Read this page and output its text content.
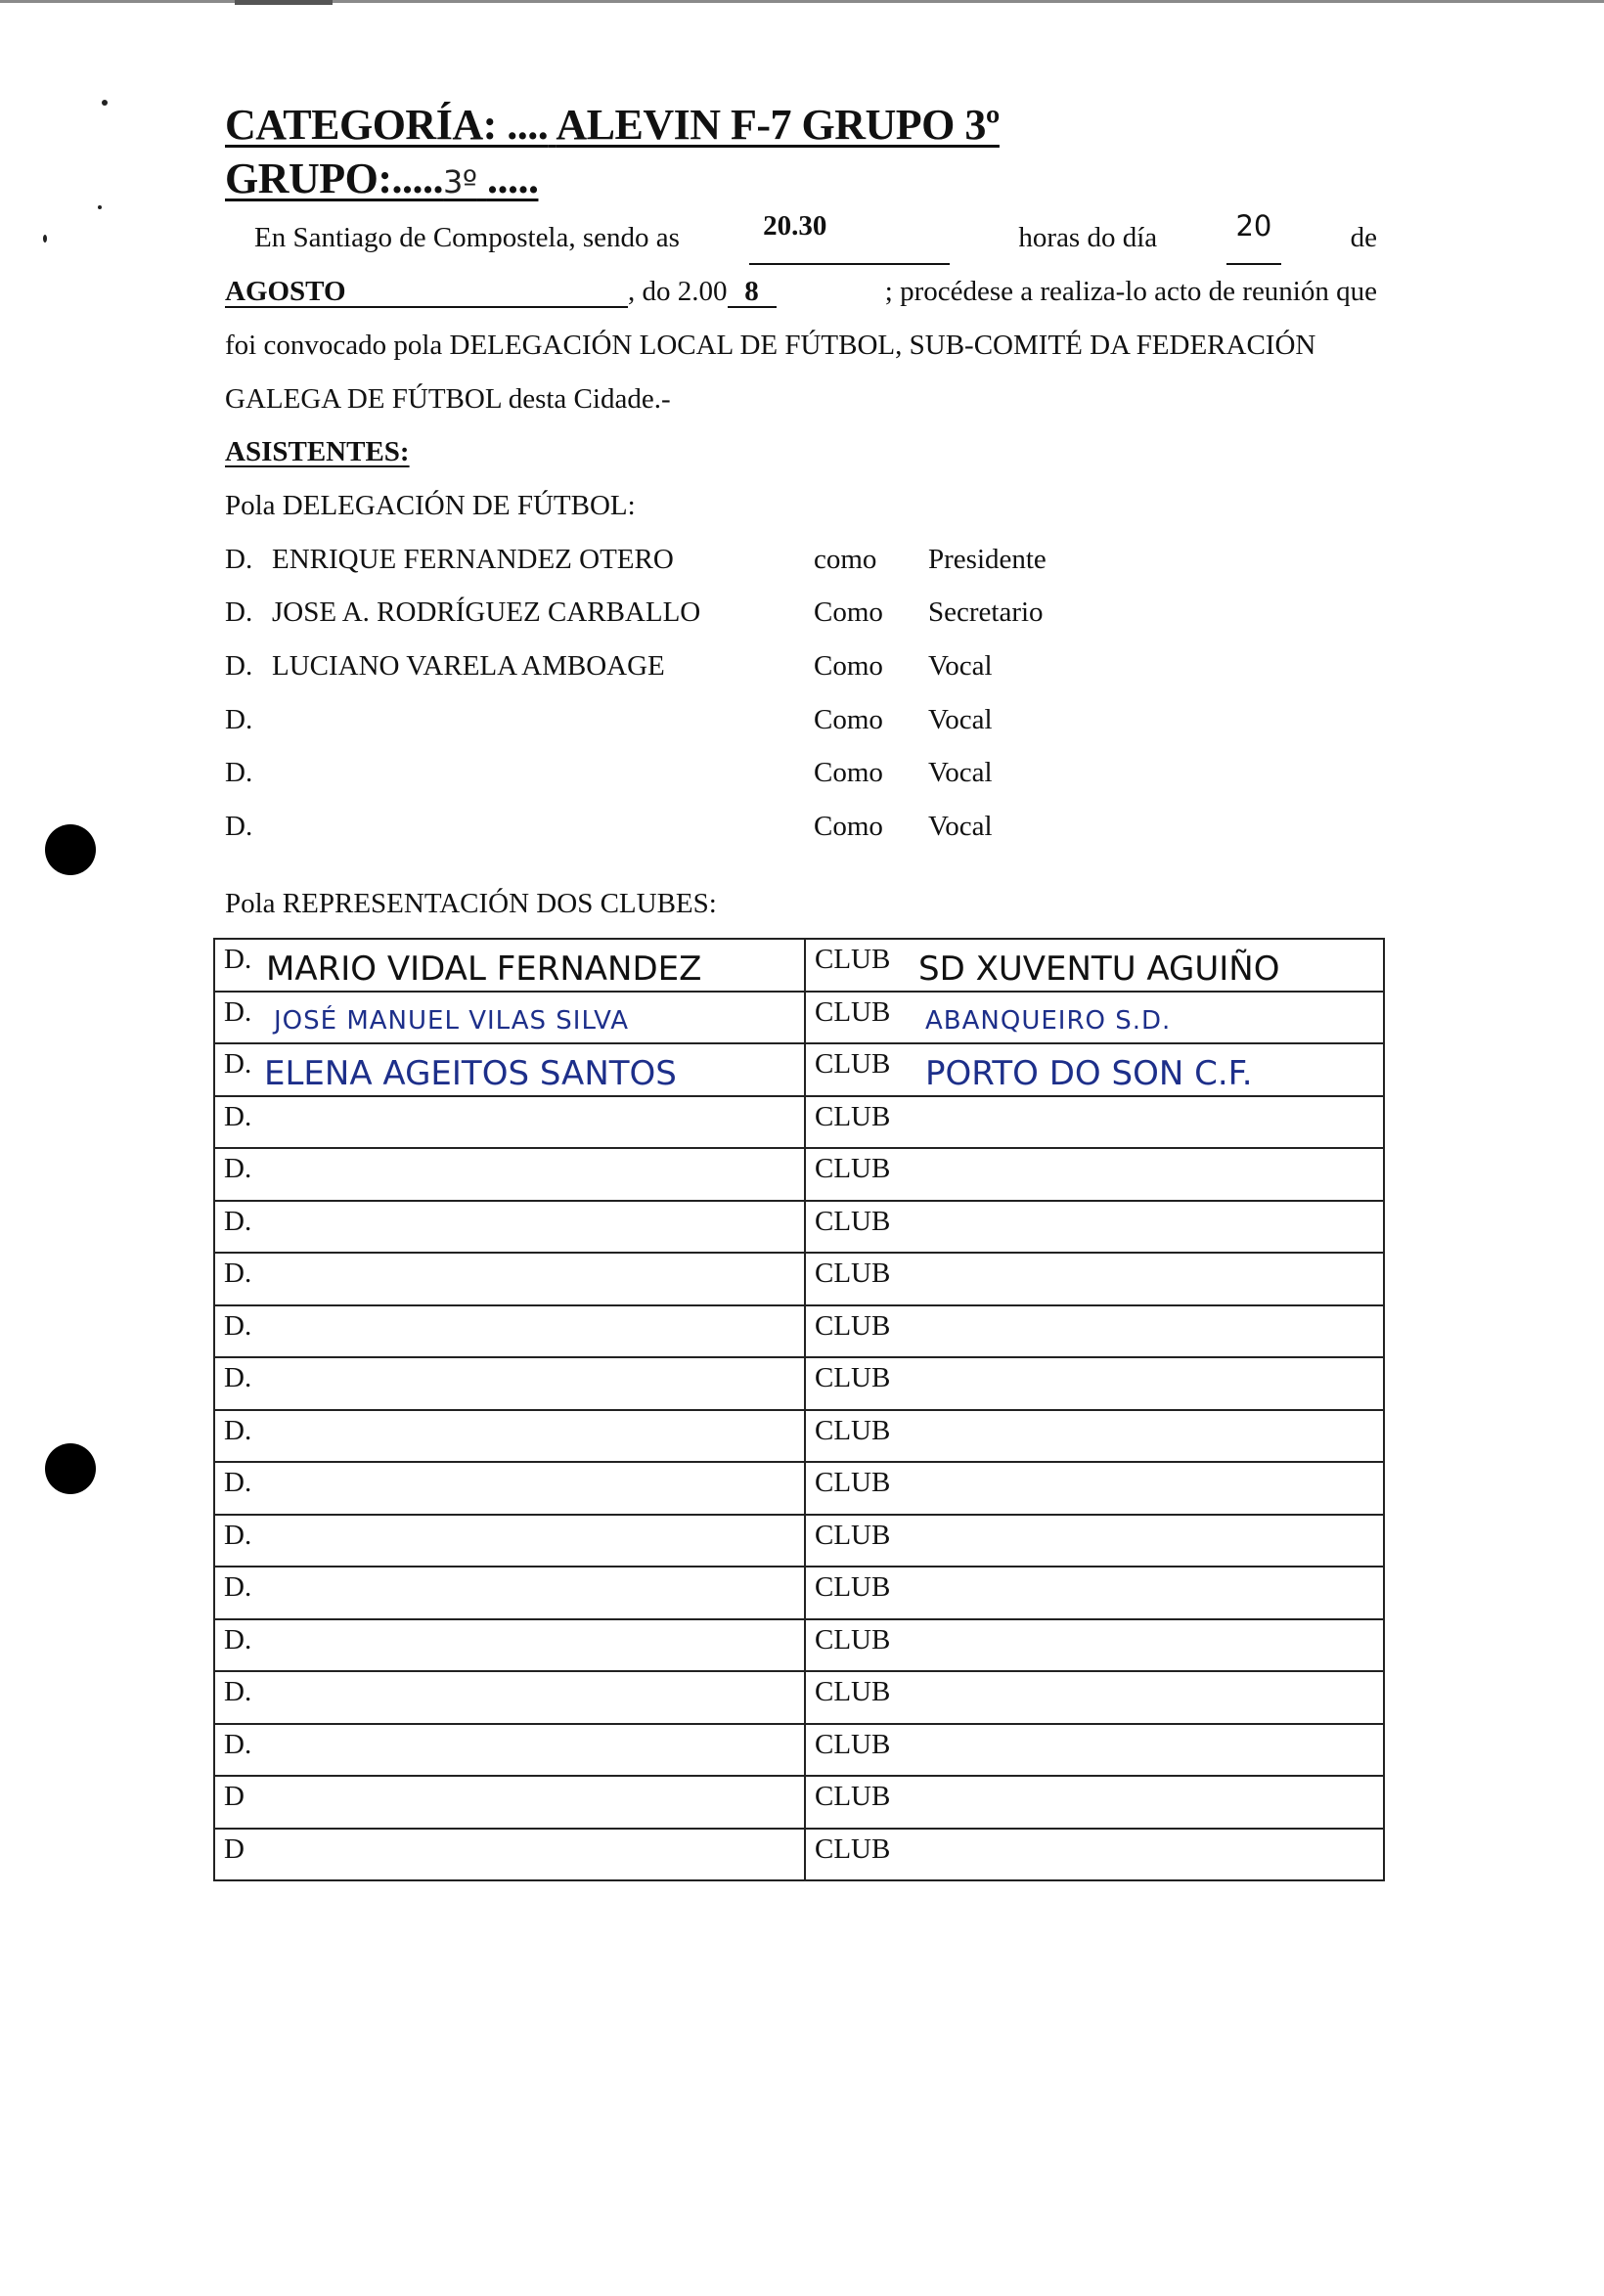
CATEGORÍA: .... ALEVIN F-7 GRUPO 3º
GRUPO:.....3º .....
En Santiago de Compostela, sendo as	20.30	horas do día	20	de
AGOSTO	, do 2.00 8	; procédese a realiza-lo acto de reunión que
foi convocado pola DELEGACIÓN LOCAL DE FÚTBOL, SUB-COMITÉ DA FEDERACIÓN
GALEGA DE FÚTBOL desta Cidade.-
ASISTENTES:
Pola DELEGACIÓN DE FÚTBOL:
D. ENRIQUE FERNANDEZ OTERO	como Presidente
D. JOSE A. RODRÍGUEZ CARBALLO	Como Secretario
D. LUCIANO VARELA AMBOAGE	Como Vocal
D.	Como Vocal
D.	Como Vocal
D.	Como Vocal
Pola REPRESENTACIÓN DOS CLUBES:
D. MARIO VIDAL FERNANDEZ	CLUB SD XUVENTU AGUIÑO

D. JOSÉ MANUEL VILAS SILVA	CLUB ABANQUEIRO S.D.

D. ELENA AGEITOS SANTOS	CLUB PORTO DO SON C.F.

D.	CLUB

D.	CLUB

D.	CLUB

D.	CLUB

D.	CLUB

D.	CLUB

D.	CLUB

D.	CLUB

D.	CLUB

D.	CLUB

D.	CLUB

D.	CLUB

D.	CLUB

D	CLUB

D	CLUB
